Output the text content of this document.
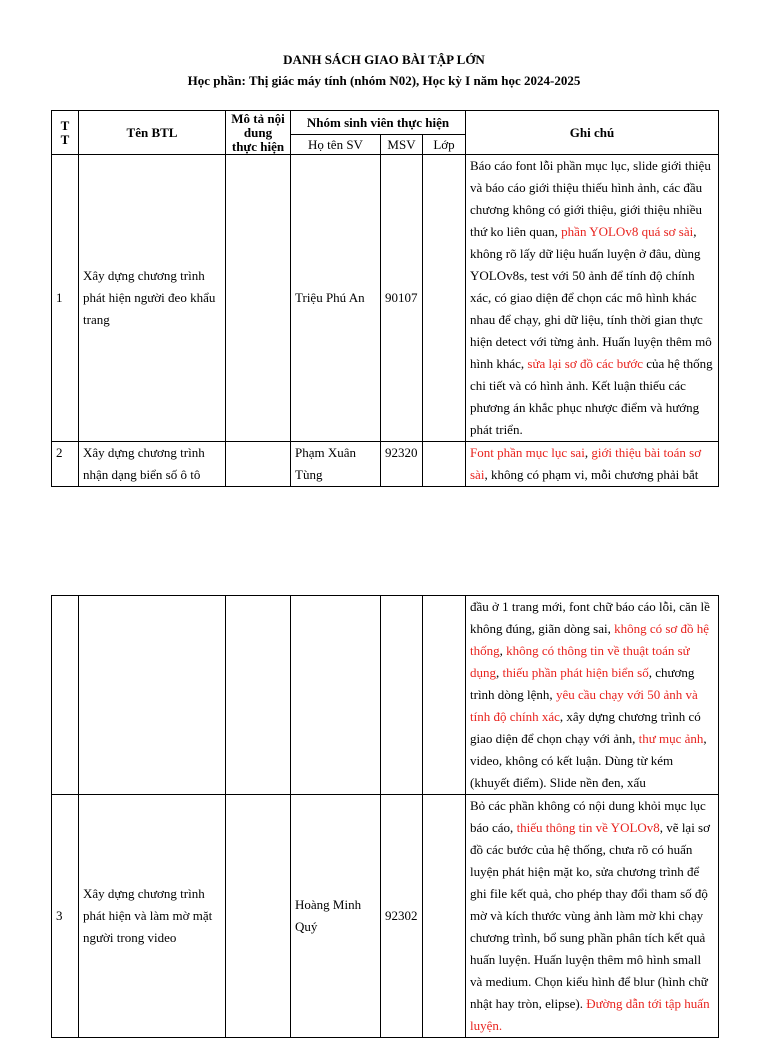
DANH SÁCH GIAO BÀI TẬP LỚN
Học phần: Thị giác máy tính (nhóm N02), Học kỳ I năm học 2024-2025
T T	Tên BTL	Mô tả nội dung thực hiện	Nhóm sinh viên thực hiện			Ghi chú
			Họ tên SV	MSV	Lớp	
1	Xây dựng chương trình phát hiện người đeo khẩu trang		Triệu Phú An	90107		Báo cáo font lỗi phần mục lục, slide giới thiệu và báo cáo giới thiệu thiếu hình ảnh, các đầu chương không có giới thiệu, giới thiệu nhiều thứ ko liên quan, phần YOLOv8 quá sơ sài, không rõ lấy dữ liệu huấn luyện ở đâu, dùng YOLOv8s, test với 50 ảnh để tính độ chính xác, có giao diện để chọn các mô hình khác nhau để chạy, ghi dữ liệu, tính thời gian thực hiện detect với từng ảnh. Huấn luyện thêm mô hình khác, sửa lại sơ đồ các bước của hệ thống chi tiết và có hình ảnh. Kết luận thiếu các phương án khắc phục nhược điểm và hướng phát triển.
2	Xây dựng chương trình nhận dạng biển số ô tô		Phạm Xuân Tùng	92320		Font phần mục lục sai, giới thiệu bài toán sơ sài, không có phạm vi, mỗi chương phải bắt
						đầu ở 1 trang mới, font chữ báo cáo lỗi, căn lề không đúng, giãn dòng sai, không có sơ đồ hệ thống, không có thông tin về thuật toán sử dụng, thiếu phần phát hiện biển số, chương trình dòng lệnh, yêu cầu chạy với 50 ảnh và tính độ chính xác, xây dựng chương trình có giao diện để chọn chạy với ảnh, thư mục ảnh, video, không có kết luận. Dùng từ kém (khuyết điểm). Slide nền đen, xấu
3	Xây dựng chương trình phát hiện và làm mờ mặt người trong video		Hoàng Minh Quý	92302		Bỏ các phần không có nội dung khỏi mục lục báo cáo, thiếu thông tin về YOLOv8, vẽ lại sơ đồ các bước của hệ thống, chưa rõ có huấn luyện phát hiện mặt ko, sửa chương trình để ghi file kết quả, cho phép thay đổi tham số độ mờ và kích thước vùng ảnh làm mờ khi chạy chương trình, bổ sung phần phân tích kết quả huấn luyện. Huấn luyện thêm mô hình small và medium. Chọn kiểu hình để blur (hình chữ nhật hay tròn, elipse). Đường dẫn tới tập huấn luyện.
